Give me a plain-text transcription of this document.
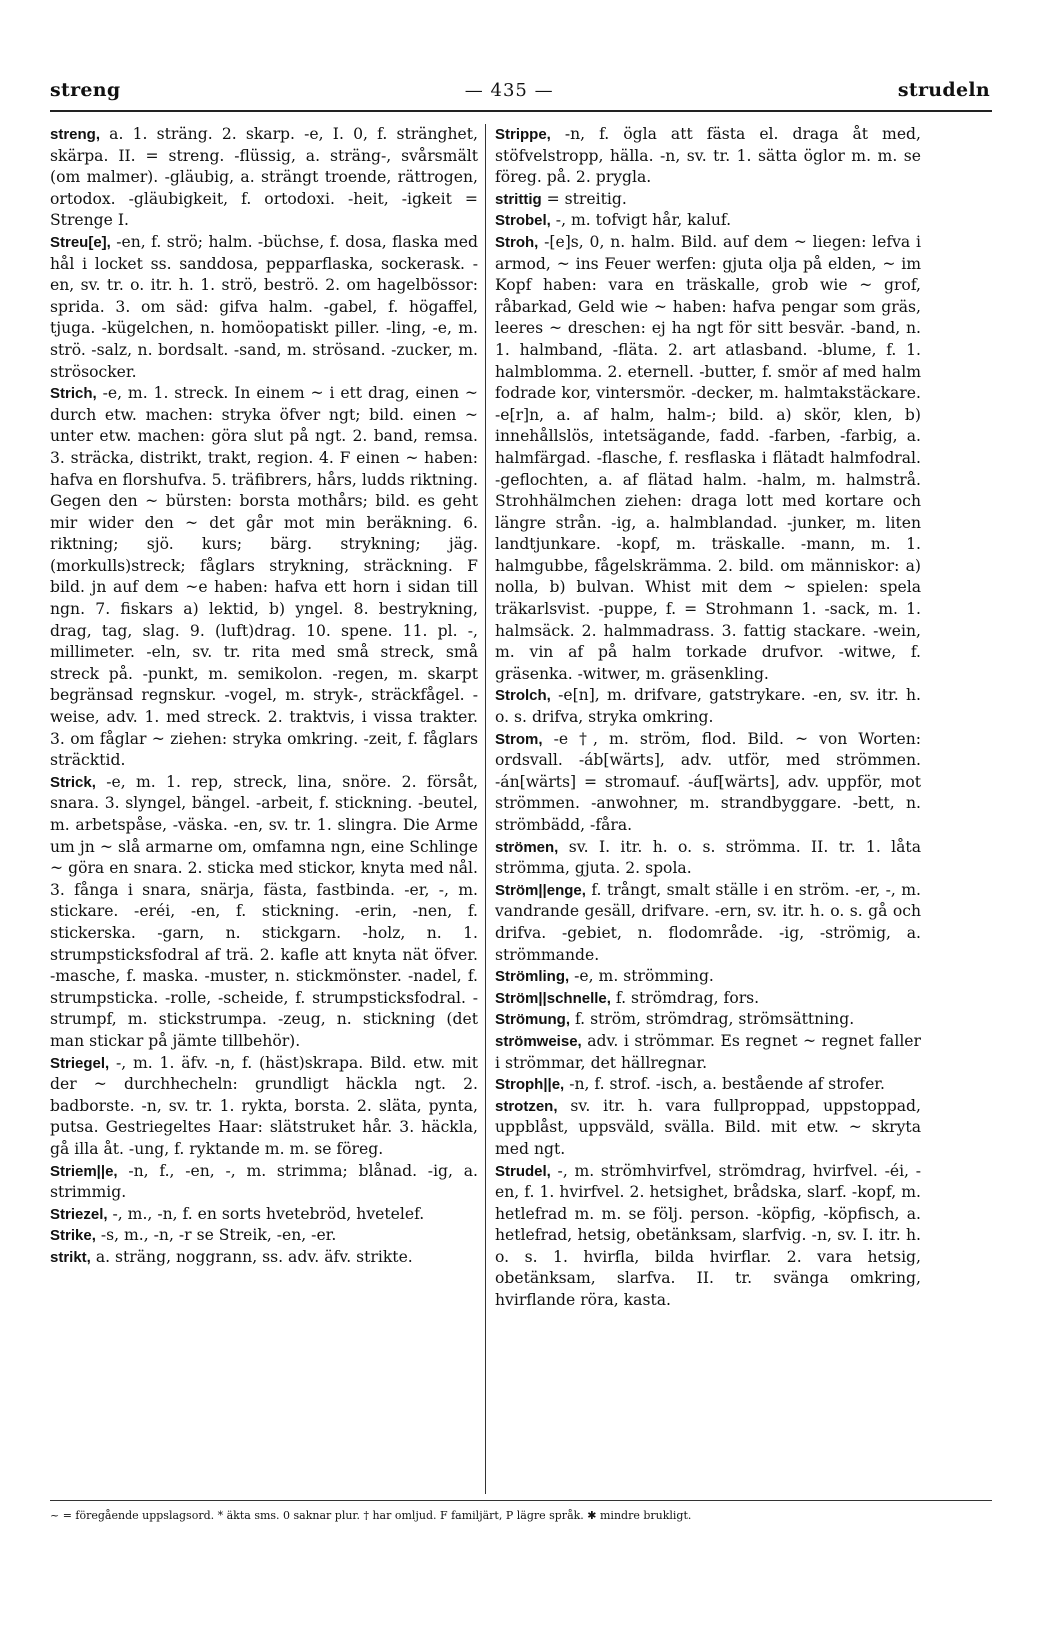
streng	— 435 —	strudeln

streng, a. 1. sträng. 2. skarp. -e, I. 0, f. stränghet, skärpa. II. = streng. -flüssig, a. sträng-, svårsmält (om malmer). -gläubig, a. strängt troende, rättrogen, ortodox. -gläubigkeit, f. ortodoxi. -heit, -igkeit = Strenge I.

Streu[e], -en, f. strö; halm. -büchse, f. dosa, flaska med hål i locket ss. sanddosa, pepparflaska, sockerask. -en, sv. tr. o. itr. h. 1. strö, beströ. 2. om hagelbössor: sprida. 3. om säd: gifva halm. -gabel, f. högaffel, tjuga. -kügelchen, n. homöopatiskt piller. -ling, -e, m. strö. -salz, n. bordsalt. -sand, m. strösand. -zucker, m. strösocker.

Strich, -e, m. 1. streck. In einem ~ i ett drag, einen ~ durch etw. machen: stryka öfver ngt; bild. einen ~ unter etw. machen: göra slut på ngt. 2. band, remsa. 3. sträcka, distrikt, trakt, region. 4. F einen ~ haben: hafva en florshufva. 5. träfibrers, hårs, ludds riktning. Gegen den ~ bürsten: borsta mothårs; bild. es geht mir wider den ~ det går mot min beräkning. 6. riktning; sjö. kurs; bärg. strykning; jäg. (morkulls)streck; fåglars strykning, sträckning. F bild. jn auf dem ~e haben: hafva ett horn i sidan till ngn. 7. fiskars a) lektid, b) yngel. 8. bestrykning, drag, tag, slag. 9. (luft)drag. 10. spene. 11. pl. -, millimeter. -eln, sv. tr. rita med små streck, små streck på. -punkt, m. semikolon. -regen, m. skarpt begränsad regnskur. -vogel, m. stryk-, sträckfågel. -weise, adv. 1. med streck. 2. traktvis, i vissa trakter. 3. om fåglar ~ ziehen: stryka omkring. -zeit, f. fåglars sträcktid.

Strick, -e, m. 1. rep, streck, lina, snöre. 2. försåt, snara. 3. slyngel, bängel. -arbeit, f. stickning. -beutel, m. arbetspåse, -väska. -en, sv. tr. 1. slingra. Die Arme um jn ~ slå armarne om, omfamna ngn, eine Schlinge ~ göra en snara. 2. sticka med stickor, knyta med nål. 3. fånga i snara, snärja, fästa, fastbinda. -er, -, m. stickare. -eréi, -en, f. stickning. -erin, -nen, f. stickerska. -garn, n. stickgarn. -holz, n. 1. strumpsticksfodral af trä. 2. kafle att knyta nät öfver. -masche, f. maska. -muster, n. stickmönster. -nadel, f. strumpsticka. -rolle, -scheide, f. strumpsticksfodral. -strumpf, m. stickstrumpa. -zeug, n. stickning (det man stickar på jämte tillbehör).

Striegel, -, m. 1. äfv. -n, f. (häst)skrapa. Bild. etw. mit der ~ durchhecheln: grundligt häckla ngt. 2. badborste. -n, sv. tr. 1. rykta, borsta. 2. släta, pynta, putsa. Gestriegeltes Haar: slätstruket hår. 3. häckla, gå illa åt. -ung, f. ryktande m. m. se föreg.

Striem||e, -n, f., -en, -, m. strimma; blånad. -ig, a. strimmig.

Striezel, -, m., -n, f. en sorts hvetebröd, hvetelef.

Strike, -s, m., -n, -r se Streik, -en, -er.

strikt, a. sträng, noggrann, ss. adv. äfv. strikte.

Strippe, -n, f. ögla att fästa el. draga åt med, stöfvelstropp, hälla. -n, sv. tr. 1. sätta öglor m. m. se föreg. på. 2. prygla.

strittig = streitig.

Strobel, -, m. tofvigt hår, kaluf.

Stroh, -[e]s, 0, n. halm. Bild. auf dem ~ liegen: lefva i armod, ~ ins Feuer werfen: gjuta olja på elden, ~ im Kopf haben: vara en träskalle, grob wie ~ grof, råbarkad, Geld wie ~ haben: hafva pengar som gräs, leeres ~ dreschen: ej ha ngt för sitt besvär. -band, n. 1. halmband, -fläta. 2. art atlasband. -blume, f. 1. halmblomma. 2. eternell. -butter, f. smör af med halm fodrade kor, vintersmör. -decker, m. halmtakstäckare. -e[r]n, a. af halm, halm-; bild. a) skör, klen, b) innehållslös, intetsägande, fadd. -farben, -farbig, a. halmfärgad. -flasche, f. resflaska i flätadt halmfodral. -geflochten, a. af flätad halm. -halm, m. halmstrå. Strohhälmchen ziehen: draga lott med kortare och längre strån. -ig, a. halmblandad. -junker, m. liten landtjunkare. -kopf, m. träskalle. -mann, m. 1. halmgubbe, fågelskrämma. 2. bild. om människor: a) nolla, b) bulvan. Whist mit dem ~ spielen: spela träkarlsvist. -puppe, f. = Strohmann 1. -sack, m. 1. halmsäck. 2. halmmadrass. 3. fattig stackare. -wein, m. vin af på halm torkade drufvor. -witwe, f. gräsenka. -witwer, m. gräsenkling.

Strolch, -e[n], m. drifvare, gatstrykare. -en, sv. itr. h. o. s. drifva, stryka omkring.

Strom, -e †, m. ström, flod. Bild. ~ von Worten: ordsvall. -áb[wärts], adv. utför, med strömmen. -án[wärts] = stromauf. -áuf[wärts], adv. uppför, mot strömmen. -anwohner, m. strandbyggare. -bett, n. strömbädd, -fåra.

strömen, sv. I. itr. h. o. s. strömma. II. tr. 1. låta strömma, gjuta. 2. spola.

Ström||enge, f. trångt, smalt ställe i en ström. -er, -, m. vandrande gesäll, drifvare. -ern, sv. itr. h. o. s. gå och drifva. -gebiet, n. flodområde. -ig, -strömig, a. strömmande.

Strömling, -e, m. strömming.

Ström||schnelle, f. strömdrag, fors.

Strömung, f. ström, strömdrag, strömsättning.

strömweise, adv. i strömmar. Es regnet ~ regnet faller i strömmar, det hällregnar.

Stroph||e, -n, f. strof. -isch, a. bestående af strofer.

strotzen, sv. itr. h. vara fullproppad, uppstoppad, uppblåst, uppsväld, svälla. Bild. mit etw. ~ skryta med ngt.

Strudel, -, m. strömhvirfvel, strömdrag, hvirfvel. -éi, -en, f. 1. hvirfvel. 2. hetsighet, brådska, slarf. -kopf, m. hetlefrad m. m. se följ. person. -köpfig, -köpfisch, a. hetlefrad, hetsig, obetänksam, slarfvig. -n, sv. I. itr. h. o. s. 1. hvirfla, bilda hvirflar. 2. vara hetsig, obetänksam, slarfva. II. tr. svänga omkring, hvirflande röra, kasta.

~ = föregående uppslagsord. * äkta sms. 0 saknar plur. † har omljud. F familjärt, P lägre språk. ✱ mindre brukligt.
